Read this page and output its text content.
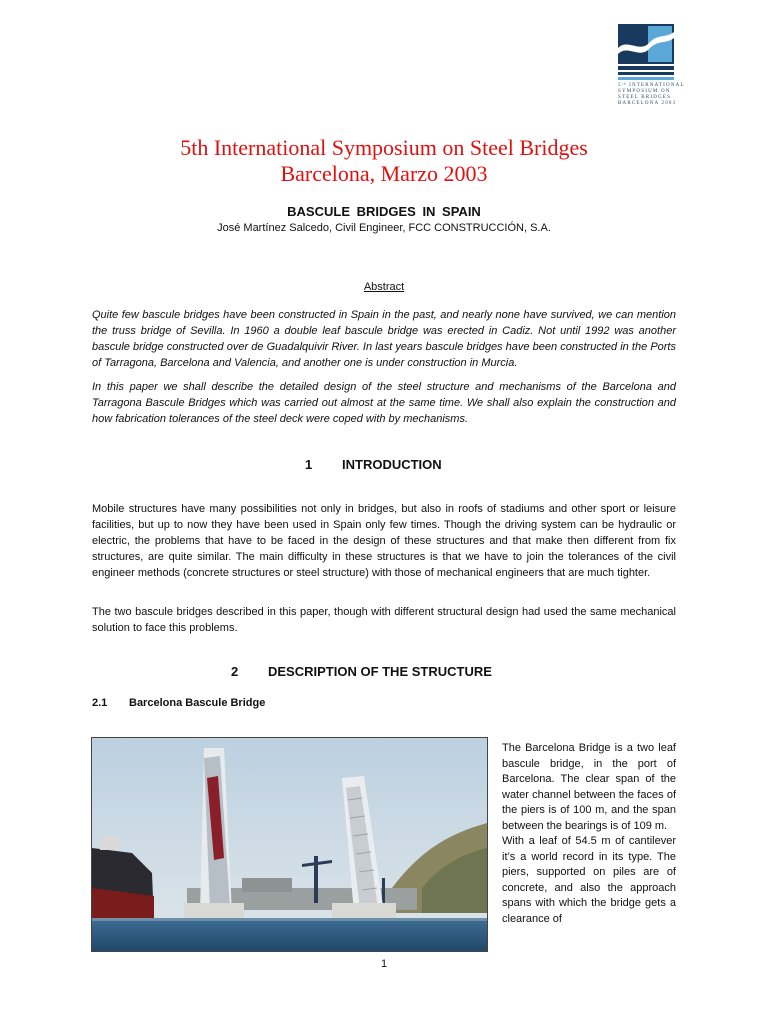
5ᵗʰ INTERNATIONAL
SYMPOSIUM ON
STEEL BRIDGES
BARCELONA 2003
5th International Symposium on Steel Bridges
Barcelona, Marzo 2003
BASCULE BRIDGES IN SPAIN
José Martínez Salcedo, Civil Engineer, FCC CONSTRUCCIÓN, S.A.
Abstract

Quite few bascule bridges have been constructed in Spain in the past, and nearly none have survived, we can mention the truss bridge of Sevilla. In 1960 a double leaf bascule bridge was erected in Cadiz. Not until 1992 was another bascule bridge constructed over de Guadalquivir River. In last years bascule bridges have been constructed in the Ports of Tarragona, Barcelona and Valencia, and another one is under construction in Murcia.

In this paper we shall describe the detailed design of the steel structure and mechanisms of the Barcelona and Tarragona Bascule Bridges which was carried out almost at the same time. We shall also explain the construction and how fabrication tolerances of the steel deck were coped with by mechanisms.

1 INTRODUCTION

Mobile structures have many possibilities not only in bridges, but also in roofs of stadiums and other sport or leisure facilities, but up to now they have been used in Spain only few times. Though the driving system can be hydraulic or electric, the problems that have to be faced in the design of these structures and that make then different from fix structures, are quite similar. The main difficulty in these structures is that we have to join the tolerances of the civil engineer methods (concrete structures or steel structure) with those of mechanical engineers that are much tighter.

The two bascule bridges described in this paper, though with different structural design had used the same mechanical solution to face this problems.

2 DESCRIPTION OF THE STRUCTURE
2.1 Barcelona Bascule Bridge

The Barcelona Bridge is a two leaf bascule bridge, in the port of Barcelona. The clear span of the water channel between the faces of the piers is of 100 m, and the span between the bearings is of 109 m.
With a leaf of 54.5 m of cantilever it’s a world record in its type. The piers, supported on piles are of concrete, and also the approach spans with which the bridge gets a clearance of

1
